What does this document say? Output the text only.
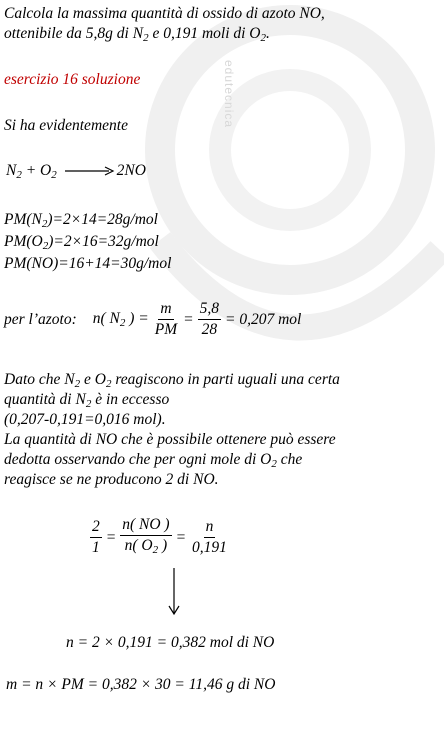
edutecnica
Calcola la massima quantità di ossido di azoto NO,
ottenibile da 5,8g di $N_2$ e 0,191 moli di $O_2$.
esercizio 16 soluzione
Si ha evidentemente
$N_2 + O_2 \to 2NO$
$PM(N_2)=2\times 14=28g$/mol
$PM(O_2)=2\times 16=32g$/mol
PM(NO)=16+14=30g/mol
per l’azoto: n( $N_2$ ) = $\frac{m}{PM} = \frac{5,8}{28} = 0,207$ mol
Dato che $N_2$ e $O_2$ reagiscono in parti uguali una certa
quantità di $N_2$ è in eccesso
(0,207-0,191=0,016 mol).
La quantità di NO che è possibile ottenere può essere
dedotta osservando che per ogni mole di $O_2$ che
reagisce se ne producono 2 di NO.
$\frac{2}{1} = \frac{n( NO )}{n( O_2 )} = \frac{n}{0,191}$
n = 2 × 0,191 = 0,382 mol di NO
m = n × PM = 0,382 × 30 = 11,46 g di NO
